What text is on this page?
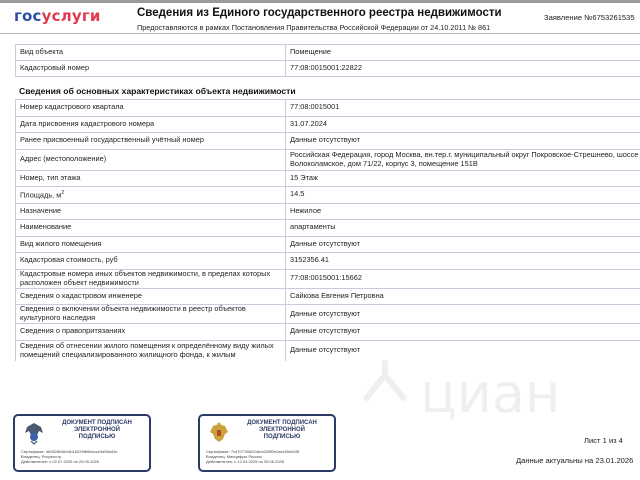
госуслуги	Сведения из Единого государственного реестра недвижимости
Предоставляются в рамках Постановления Правительства Российской Федерации от 24.10.2011 № 861
Заявление №6753261535
Вид объекта	Помещение
Кадастровый номер	77:08:0015001:22822
Сведения об основных характеристиках объекта недвижимости
Номер кадастрового квартала	77:08:0015001
Дата присвоения кадастрового номера	31.07.2024
Ранее присвоенный государственный учётный номер	Данные отсутствуют
Адрес (местоположение)	Российская Федерация, город Москва, вн.тер.г. муниципальный округ Покровское-Стрешнево, шоссе Волоколамское, дом 71/22, корпус 3, помещение 151В
Номер, тип этажа	15 Этаж
Площадь, $м^2$	14.5
Назначение	Нежилое
Наименование	апартаменты
Вид жилого помещения	Данные отсутствуют
Кадастровая стоимость, руб	3152356.41
Кадастровые номера иных объектов недвижимости, в пределах которых расположен объект недвижимости	77:08:0015001:15662
Сведения о кадастровом инженере	Сайкова Евгения Петровна
Сведения о включении объекта недвижимости в реестр объектов культурного наследия	Данные отсутствуют
Сведения о правопритязаниях	Данные отсутствуют
Сведения об отнесении жилого помещения к определённому виду жилых помещений специализированного жилищного фонда, к жилым	Данные отсутствуют
циан
ДОКУМЕНТ ПОДПИСАН
ЭЛЕКТРОННОЙ
ПОДПИСЬЮ
Сертификат: 4b0528b6b1db16229fb6ebcce3d55ed3c
Владелец: Росреестр
Действителен: с 02.07.2025 по 25.09.2026
ДОКУМЕНТ ПОДПИСАН
ЭЛЕКТРОННОЙ
ПОДПИСЬЮ
Сертификат: 7c4707156011dcd320f0b1ea490e645f
Владелец: Минцифры России
Действителен: с 12.03.2025 по 05.06.2026
Лист 1 из 4
Данные актуальны на 23.01.2026
